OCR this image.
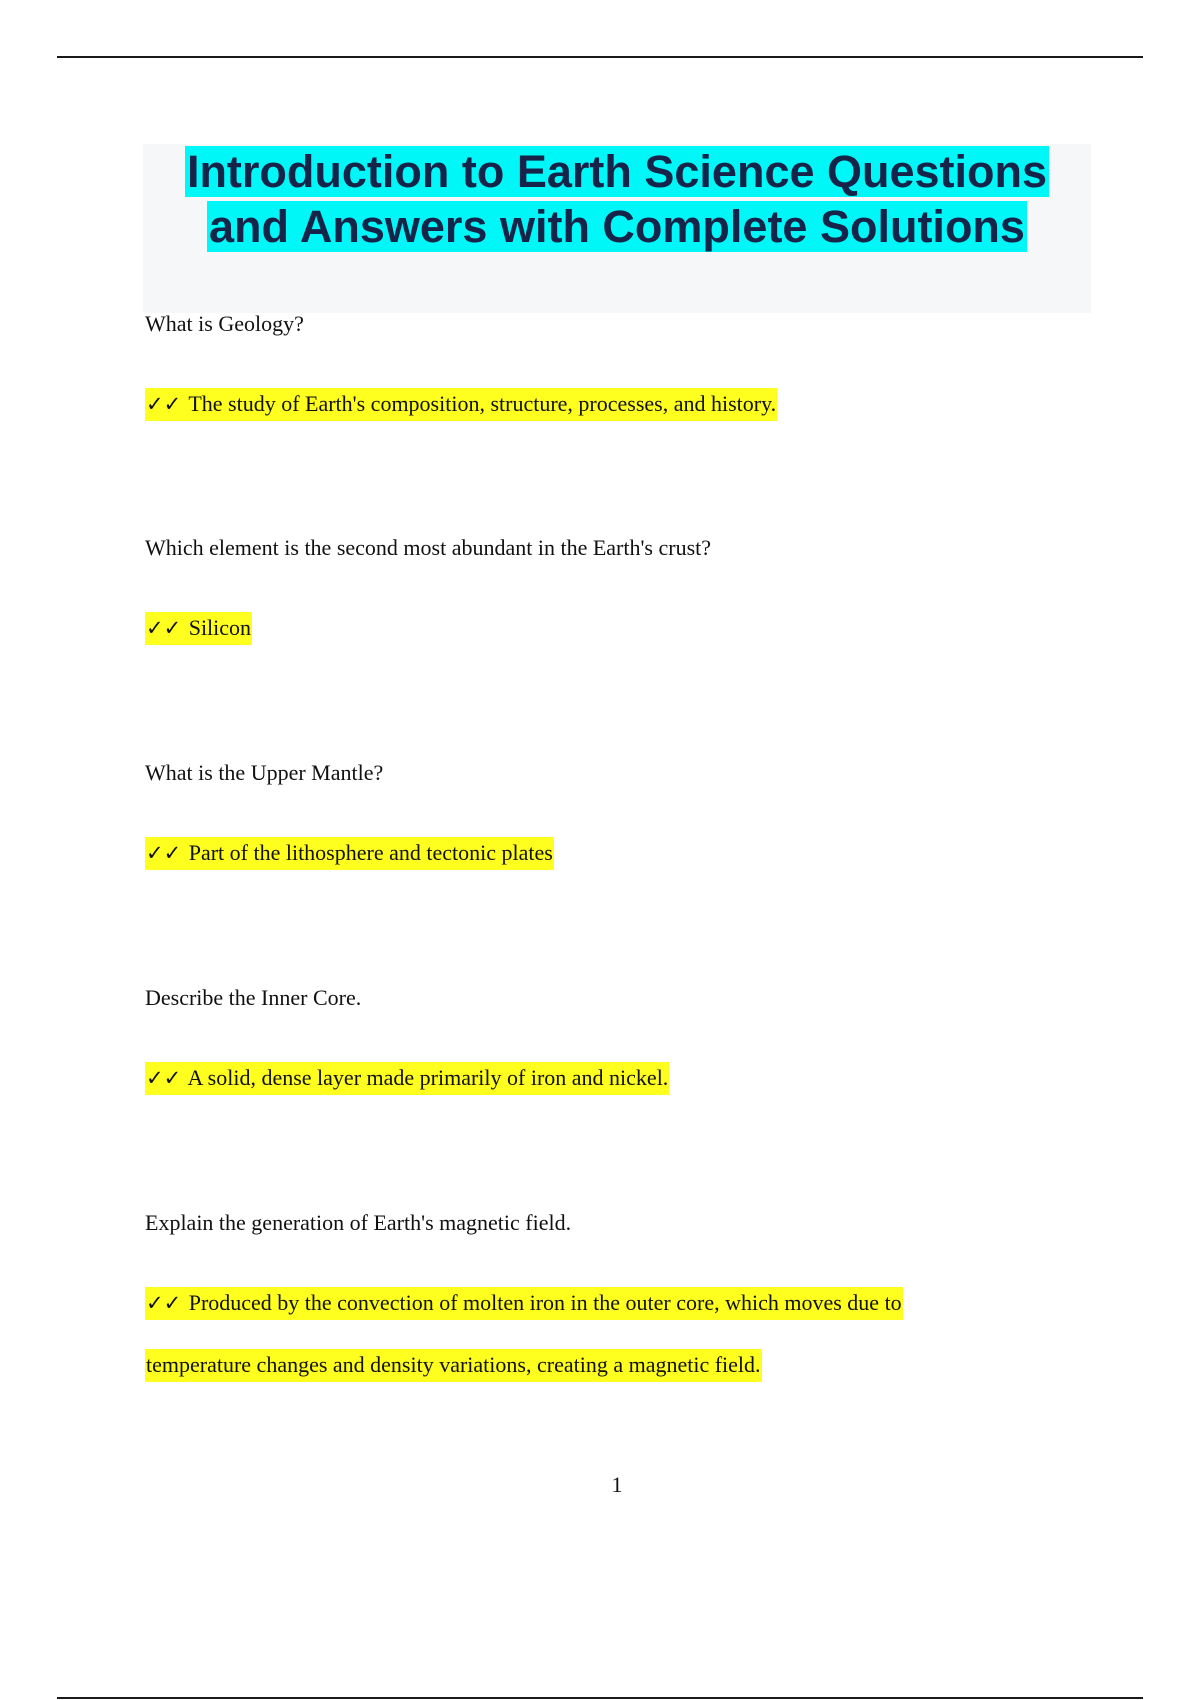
Introduction to Earth Science Questions
and Answers with Complete Solutions

What is Geology?

✓✓ The study of Earth's composition, structure, processes, and history.

Which element is the second most abundant in the Earth's crust?

✓✓ Silicon

What is the Upper Mantle?

✓✓ Part of the lithosphere and tectonic plates

Describe the Inner Core.

✓✓ A solid, dense layer made primarily of iron and nickel.

Explain the generation of Earth's magnetic field.

✓✓ Produced by the convection of molten iron in the outer core, which moves due to temperature changes and density variations, creating a magnetic field.

1
